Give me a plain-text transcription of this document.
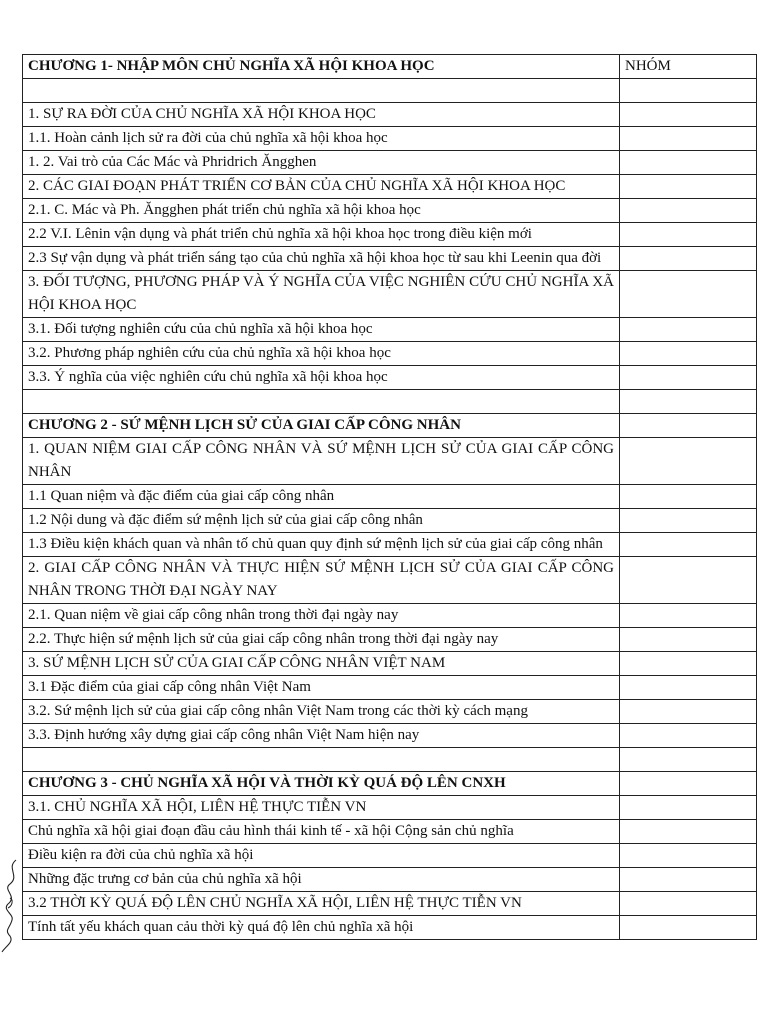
CHƯƠNG 1- NHẬP MÔN CHỦ NGHĨA XÃ HỘI KHOA HỌC	NHÓM

1. SỰ RA ĐỜI CỦA CHỦ NGHĨA XÃ HỘI KHOA HỌC	
1.1. Hoàn cảnh lịch sử ra đời của chủ nghĩa xã hội khoa học	
1. 2. Vai trò của Các Mác và Phridrich Ăngghen	
2. CÁC GIAI ĐOẠN PHÁT TRIỂN CƠ BẢN CỦA CHỦ NGHĨA XÃ HỘI KHOA HỌC	
2.1. C. Mác và Ph. Ăngghen phát triển chủ nghĩa xã hội khoa học	
2.2 V.I. Lênin vận dụng và phát triển chủ nghĩa xã hội khoa học trong điều kiện mới	
2.3 Sự vận dụng và phát triển sáng tạo của chủ nghĩa xã hội khoa học từ sau khi Leenin qua đời	
3. ĐỐI TƯỢNG, PHƯƠNG PHÁP VÀ Ý NGHĨA CỦA VIỆC NGHIÊN CỨU CHỦ NGHĨA XÃ HỘI KHOA HỌC	
3.1. Đối tượng nghiên cứu của chủ nghĩa xã hội khoa học	
3.2. Phương pháp nghiên cứu của chủ nghĩa xã hội khoa học	
3.3. Ý nghĩa của việc nghiên cứu chủ nghĩa xã hội khoa học	

CHƯƠNG 2 - SỨ MỆNH LỊCH SỬ CỦA GIAI CẤP CÔNG NHÂN	
1. QUAN NIỆM GIAI CẤP CÔNG NHÂN VÀ SỨ MỆNH LỊCH SỬ CỦA GIAI CẤP CÔNG NHÂN	
1.1 Quan niệm và đặc điểm của giai cấp công nhân	
1.2 Nội dung và đặc điểm sứ mệnh lịch sử của giai cấp công nhân	
1.3 Điều kiện khách quan và nhân tố chủ quan quy định sứ mệnh lịch sử của giai cấp công nhân	
2. GIAI CẤP CÔNG NHÂN VÀ THỰC HIỆN SỨ MỆNH LỊCH SỬ CỦA GIAI CẤP CÔNG NHÂN TRONG THỜI ĐẠI NGÀY NAY	
2.1. Quan niệm về giai cấp công nhân trong thời đại ngày nay	
2.2. Thực hiện sứ mệnh lịch sử của giai cấp công nhân trong thời đại ngày nay	
3. SỨ MỆNH LỊCH SỬ CỦA GIAI CẤP CÔNG NHÂN VIỆT NAM	
3.1 Đặc điểm của giai cấp công nhân Việt Nam	
3.2. Sứ mệnh lịch sử của giai cấp công nhân Việt Nam trong các thời kỳ cách mạng	
3.3. Định hướng xây dựng giai cấp công nhân Việt Nam hiện nay	

CHƯƠNG 3 - CHỦ NGHĨA XÃ HỘI VÀ THỜI KỲ QUÁ ĐỘ LÊN CNXH	
3.1. CHỦ NGHĨA XÃ HỘI, LIÊN HỆ THỰC TIỄN VN	
Chủ nghĩa xã hội giai đoạn đầu cảu hình thái kinh tế - xã hội Cộng sản chủ nghĩa	
Điều kiện ra đời của chủ nghĩa xã hội	
Những đặc trưng cơ bản của chủ nghĩa xã hội	
3.2 THỜI KỲ QUÁ ĐỘ LÊN CHỦ NGHĨA XÃ HỘI, LIÊN HỆ THỰC TIỄN VN	
Tính tất yếu khách quan cảu thời kỳ quá độ lên chủ nghĩa xã hội	
